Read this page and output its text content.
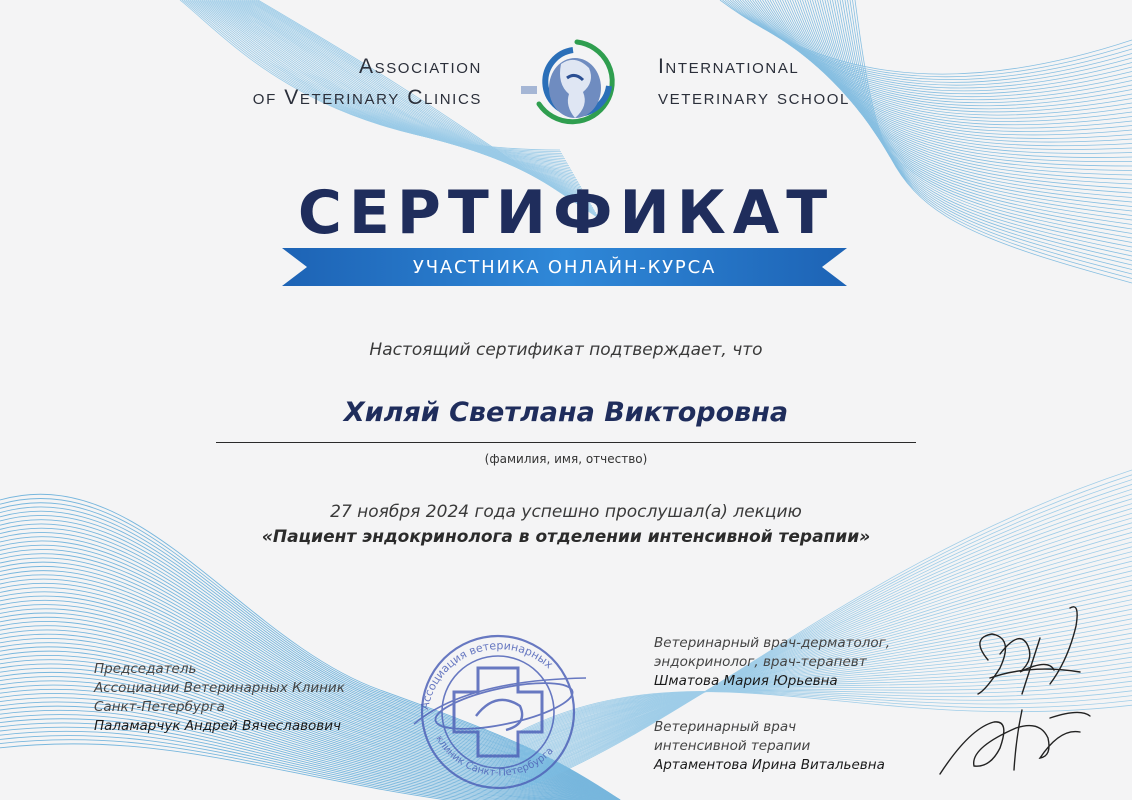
Association
of Veterinary Clinics
International
veterinary school
СЕРТИФИКАТ
УЧАСТНИКА ОНЛАЙН-КУРСА
Настоящий сертификат подтверждает, что
Хиляй Светлана Викторовна
(фамилия, имя, отчество)
27 ноября 2024 года успешно прослушал(а) лекцию
«Пациент эндокринолога в отделении интенсивной терапии»
Ассоциация ветеринарных
клиник Санкт-Петербурга
Председатель
Ассоциации Ветеринарных Клиник
Санкт-Петербурга
Паламарчук Андрей Вячеславович
Ветеринарный врач-дерматолог,
эндокринолог, врач-терапевт
Шматова Мария Юрьевна
Ветеринарный врач
интенсивной терапии
Артаментова Ирина Витальевна
